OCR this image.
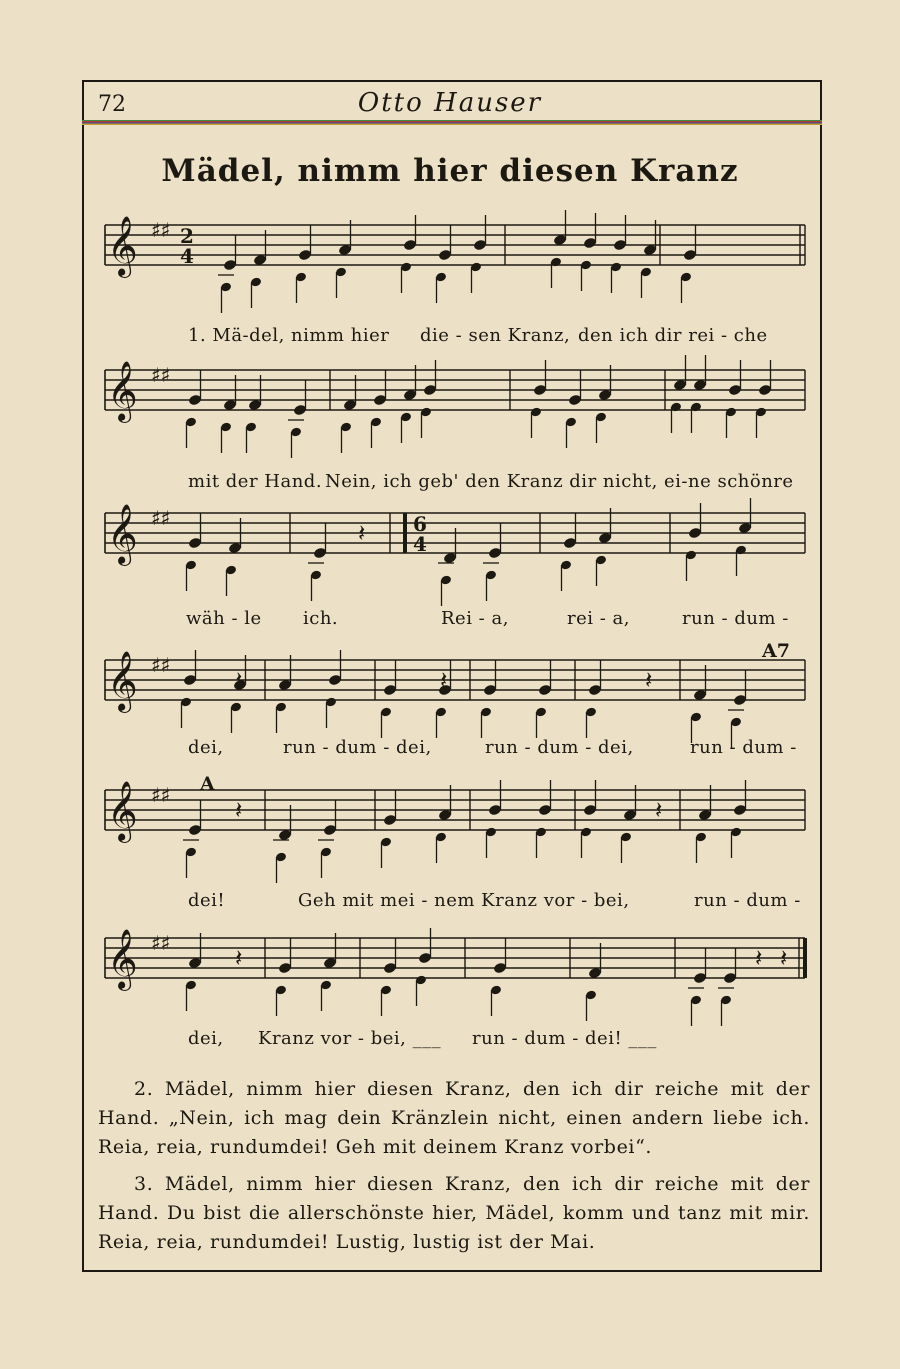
72	Otto Hauser
Mädel, nimm hier diesen Kranz
𝄞 ♯♯ 2
4
𝄞 ♯♯
𝄞 ♯♯	6
4
𝄽
𝄞 ♯♯
𝄽	𝄽	𝄽
𝄞 ♯♯
𝄽	𝄽
𝄞 ♯♯
𝄽	𝄽 𝄽
A7
A
1. Mä-del, nimm hier die - sen Kranz, den ich dir rei - che
mit der Hand. Nein, ich geb' den Kranz dir nicht, ei-ne schönre
wäh - le ich.	Rei - a,	rei - a,	run - dum -
dei,	run - dum - dei,	run - dum - dei,	run - dum -
dei!	Geh mit mei - nem Kranz vor - bei,	run - dum -
dei, Kranz vor - bei, ___ run - dum - dei! ___
2. Mädel, nimm hier diesen Kranz, den ich dir reiche mit der Hand. „Nein, ich mag dein Kränzlein nicht, einen andern liebe ich. Reia, reia, rundumdei! Geh mit deinem Kranz vorbei“.
3. Mädel, nimm hier diesen Kranz, den ich dir reiche mit der Hand. Du bist die allerschönste hier, Mädel, komm und tanz mit mir. Reia, reia, rundumdei! Lustig, lustig ist der Mai.
